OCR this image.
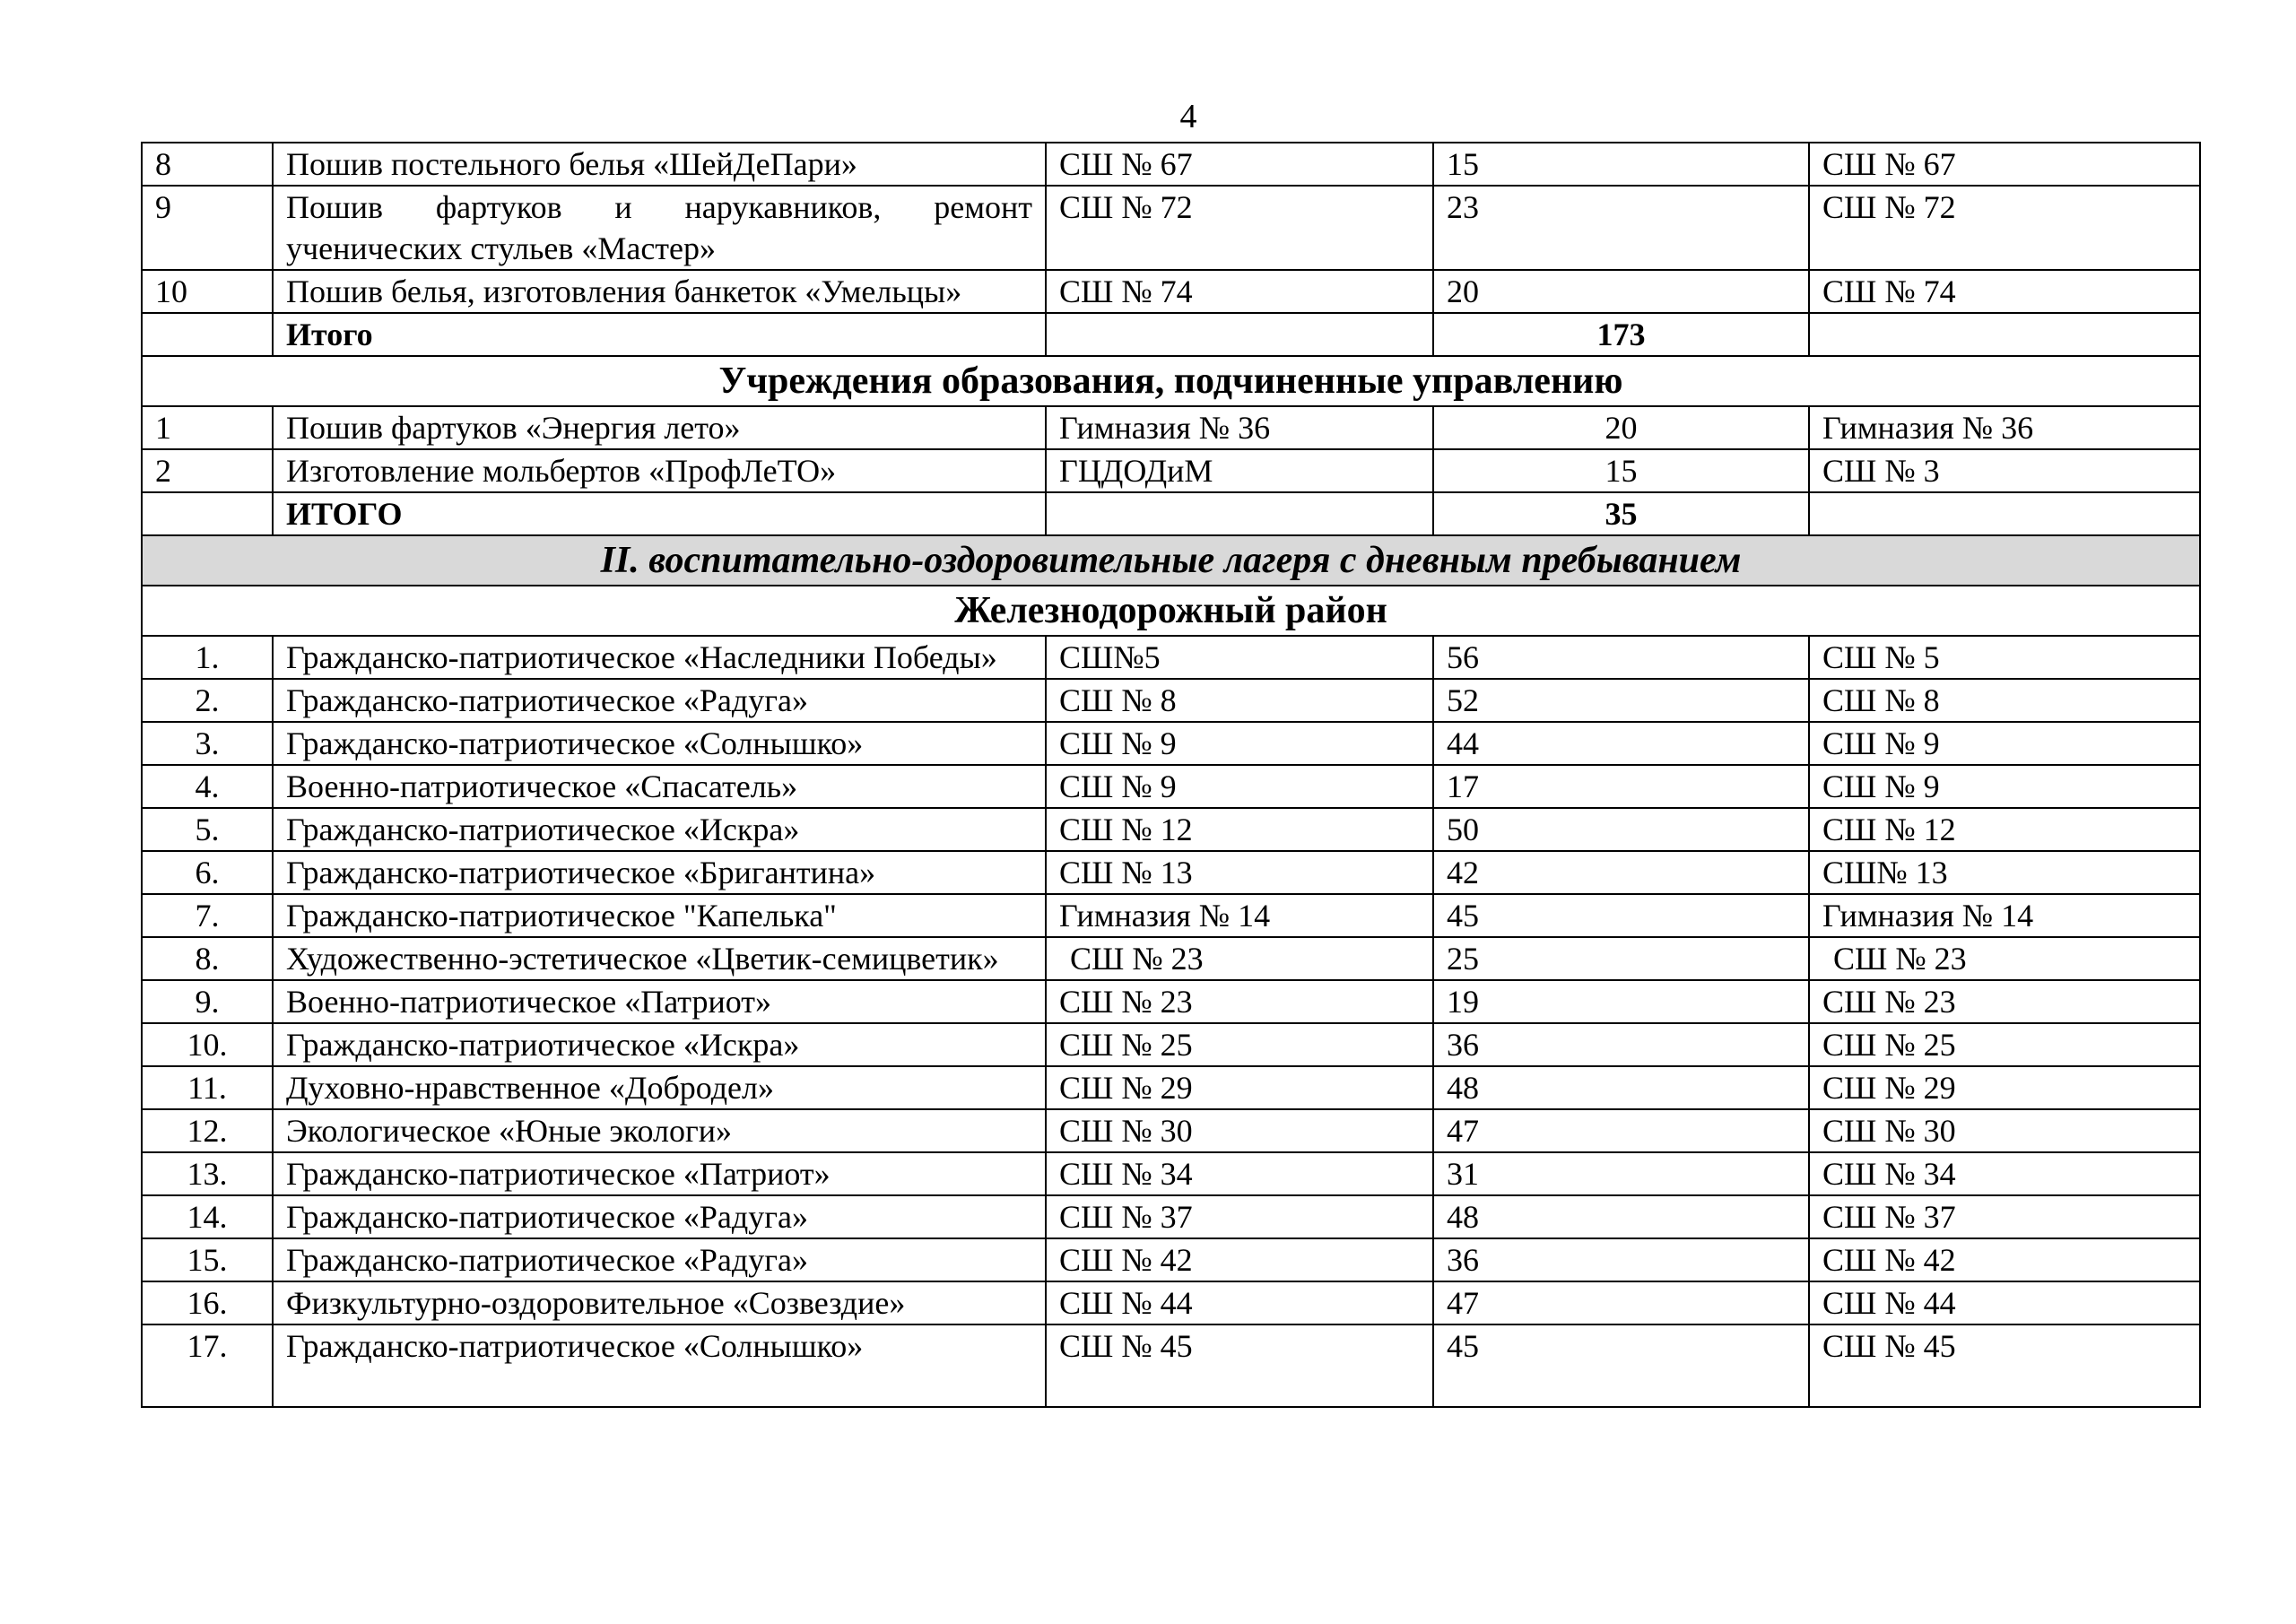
4
8	Пошив постельного белья «ШейДеПари»	СШ № 67	15	СШ № 67
9	Пошив фартуков и нарукавников, ремонт ученических стульев «Мастер»	СШ № 72	23	СШ № 72
10	Пошив белья, изготовления банкеток «Умельцы»	СШ № 74	20	СШ № 74
	Итого		173	
Учреждения образования, подчиненные управлению				
1	Пошив фартуков «Энергия лето»	Гимназия № 36	20	Гимназия № 36
2	Изготовление мольбертов «ПрофЛеТО»	ГЦДОДиМ	15	СШ № 3
	ИТОГО		35	
II. воспитательно-оздоровительные лагеря с дневным пребыванием				
Железнодорожный район				
1.	Гражданско-патриотическое «Наследники Победы»	СШ№5	56	СШ № 5
2.	Гражданско-патриотическое «Радуга»	СШ № 8	52	СШ № 8
3.	Гражданско-патриотическое «Солнышко»	СШ № 9	44	СШ № 9
4.	Военно-патриотическое «Спасатель»	СШ № 9	17	СШ № 9
5.	Гражданско-патриотическое «Искра»	СШ № 12	50	СШ № 12
6.	Гражданско-патриотическое «Бригантина»	СШ № 13	42	СШ№ 13
7.	Гражданско-патриотическое "Капелька"	Гимназия № 14	45	Гимназия № 14
8.	Художественно-эстетическое «Цветик-семицветик»	СШ № 23	25	СШ № 23
9.	Военно-патриотическое «Патриот»	СШ № 23	19	СШ № 23
10.	Гражданско-патриотическое «Искра»	СШ № 25	36	СШ № 25
11.	Духовно-нравственное «Добродел»	СШ № 29	48	СШ № 29
12.	Экологическое «Юные экологи»	СШ № 30	47	СШ № 30
13.	Гражданско-патриотическое «Патриот»	СШ № 34	31	СШ № 34
14.	Гражданско-патриотическое «Радуга»	СШ № 37	48	СШ № 37
15.	Гражданско-патриотическое «Радуга»	СШ № 42	36	СШ № 42
16.	Физкультурно-оздоровительное «Созвездие»	СШ № 44	47	СШ № 44
17.	Гражданско-патриотическое «Солнышко»	СШ № 45	45	СШ № 45
